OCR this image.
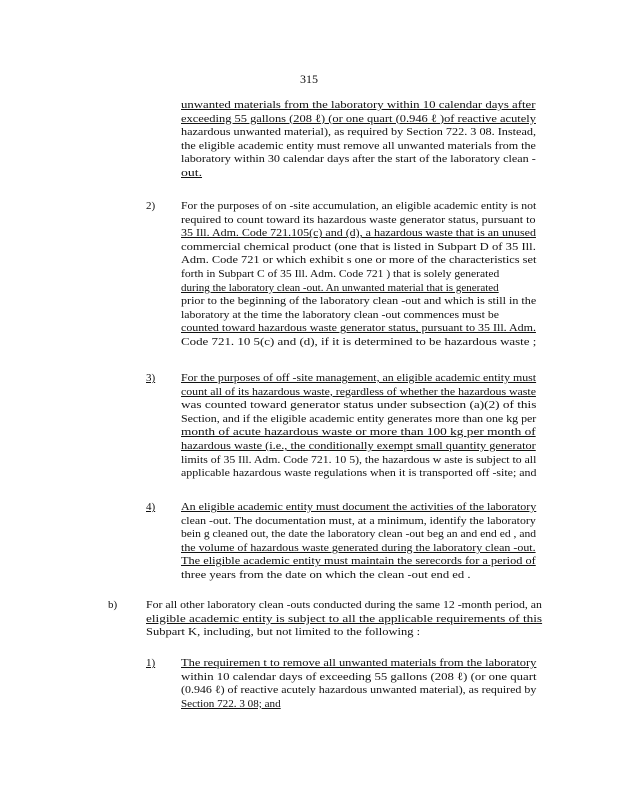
315
unwanted materials from the laboratory within 10 calendar days after
exceeding 55 gallons (208 ℓ) (or one quart (0.946 ℓ )of reactive acutely
hazardous unwanted material), as required by Section 722. 3 08. Instead,
the eligible academic entity must remove all unwanted materials from the
laboratory within 30 calendar days after the start of the laboratory clean -
out.
2) For the purposes of on -site accumulation, an eligible academic entity is not
required to count toward its hazardous waste generator status, pursuant to
35 Ill. Adm. Code 721.105(c) and (d), a hazardous waste that is an unused
commercial chemical product (one that is listed in Subpart D of 35 Ill.
Adm. Code 721 or which exhibit s one or more of the characteristics set
forth in Subpart C of 35 Ill. Adm. Code 721 ) that is solely generated
during the laboratory clean -out. An unwanted material that is generated
prior to the beginning of the laboratory clean -out and which is still in the
laboratory at the time the laboratory clean -out commences must be
counted toward hazardous waste generator status, pursuant to 35 Ill. Adm.
Code 721. 10 5(c) and (d), if it is determined to be hazardous waste ;
3) For the purposes of off -site management, an eligible academic entity must
count all of its hazardous waste, regardless of whether the hazardous waste
was counted toward generator status under subsection (a)(2) of this
Section, and if the eligible academic entity generates more than one kg per
month of acute hazardous waste or more than 100 kg per month of
hazardous waste (i.e., the conditionally exempt small quantity generator
limits of 35 Ill. Adm. Code 721. 10 5), the hazardous w aste is subject to all
applicable hazardous waste regulations when it is transported off -site; and
4) An eligible academic entity must document the activities of the laboratory
clean -out. The documentation must, at a minimum, identify the laboratory
bein g cleaned out, the date the laboratory clean -out beg an and end ed , and
the volume of hazardous waste generated during the laboratory clean -out.
The eligible academic entity must maintain the serecords for a period of
three years from the date on which the clean -out end ed .
b)	For all other laboratory clean -outs conducted during the same 12 -month period, an
eligible academic entity is subject to all the applicable requirements of this
Subpart K, including, but not limited to the following :
1) The requiremen t to remove all unwanted materials from the laboratory
within 10 calendar days of exceeding 55 gallons (208 ℓ) (or one quart
(0.946 ℓ) of reactive acutely hazardous unwanted material), as required by
Section 722. 3 08; and
